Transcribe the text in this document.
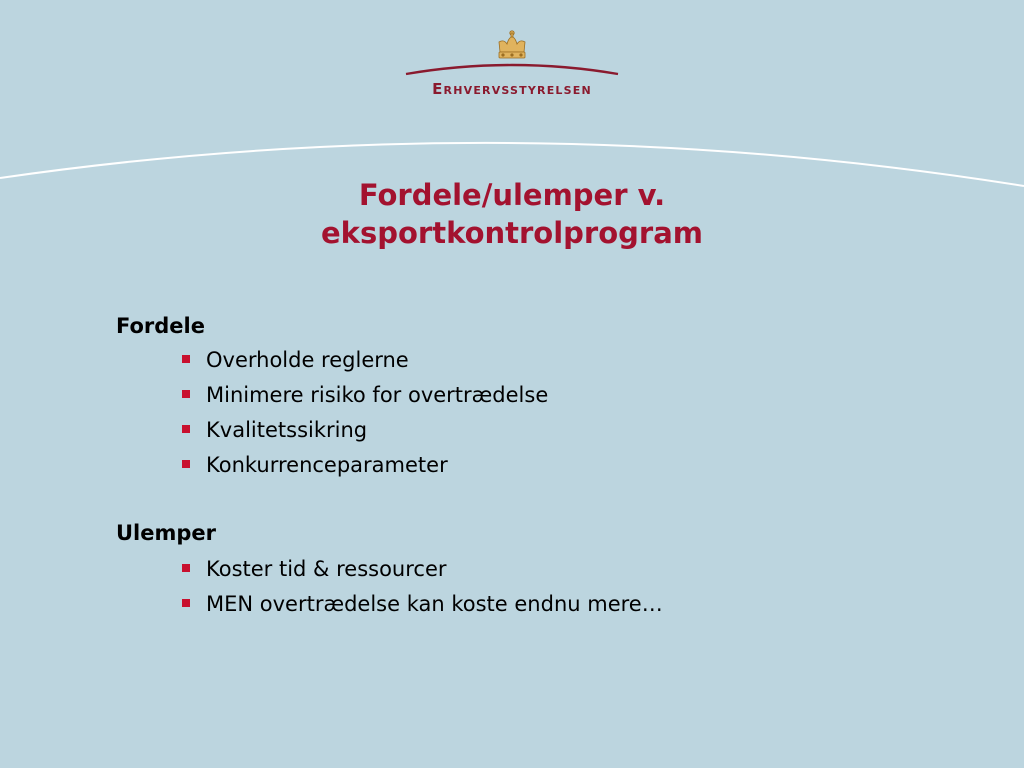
Erhvervsstyrelsen
Fordele/ulemper v.
eksportkontrolprogram
Fordele
Overholde reglerne
Minimere risiko for overtrædelse
Kvalitetssikring
Konkurrenceparameter
Ulemper
Koster tid & ressourcer
MEN overtrædelse kan koste endnu mere…
